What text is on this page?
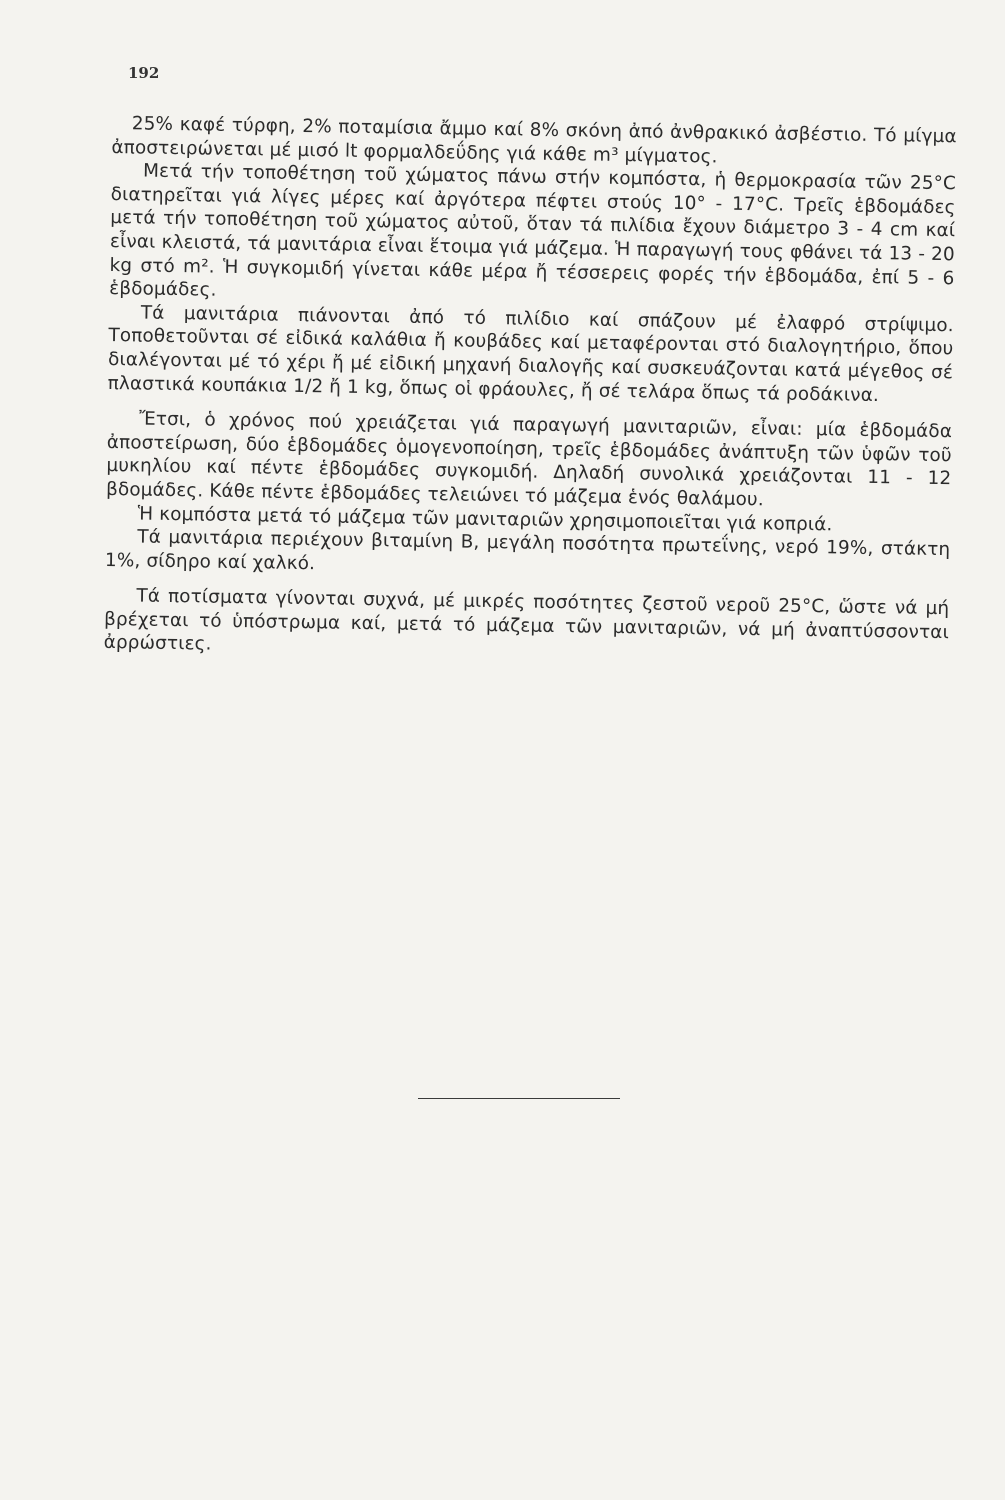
192

25% καφέ τύρφη, 2% ποταμίσια ἄμμο καί 8% σκόνη ἀπό ἀνθρακικό ἀσβέστιο. Τό μίγμα ἀποστειρώνεται μέ μισό lt φορμαλδεΰδης γιά κάθε m³ μίγματος.

Μετά τήν τοποθέτηση τοῦ χώματος πάνω στήν κομπόστα, ἡ θερμοκρασία τῶν 25°C διατηρεῖται γιά λίγες μέρες καί ἀργότερα πέφτει στούς 10° - 17°C. Τρεῖς ἑβδομάδες μετά τήν τοποθέτηση τοῦ χώματος αὐτοῦ, ὅταν τά πιλίδια ἔχουν διάμετρο 3 - 4 cm καί εἶναι κλειστά, τά μανιτάρια εἶναι ἕτοιμα γιά μάζεμα. Ἡ παραγωγή τους φθάνει τά 13 - 20 kg στό m². Ἡ συγκομιδή γίνεται κάθε μέρα ἤ τέσσερεις φορές τήν ἑβδομάδα, ἐπί 5 - 6 ἑβδομάδες.

Τά μανιτάρια πιάνονται ἀπό τό πιλίδιο καί σπάζουν μέ ἐλαφρό στρίψιμο. Τοποθετοῦνται σέ εἰδικά καλάθια ἤ κουβάδες καί μεταφέρονται στό διαλογητήριο, ὅπου διαλέγονται μέ τό χέρι ἤ μέ εἰδική μηχανή διαλογῆς καί συσκευάζονται κατά μέγεθος σέ πλαστικά κουπάκια 1/2 ἤ 1 kg, ὅπως οἱ φράουλες, ἤ σέ τελάρα ὅπως τά ροδάκινα.

Ἔτσι, ὁ χρόνος πού χρειάζεται γιά παραγωγή μανιταριῶν, εἶναι: μία ἑβδομάδα ἀποστείρωση, δύο ἑβδομάδες ὁμογενοποίηση, τρεῖς ἑβδομάδες ἀνάπτυξη τῶν ὑφῶν τοῦ μυκηλίου καί πέντε ἑβδομάδες συγκομιδή. Δηλαδή συνολικά χρειάζονται 11 - 12 βδομάδες. Κάθε πέντε ἑβδομάδες τελειώνει τό μάζεμα ἑνός θαλάμου.

Ἡ κομπόστα μετά τό μάζεμα τῶν μανιταριῶν χρησιμοποιεῖται γιά κοπριά.

Τά μανιτάρια περιέχουν βιταμίνη Β, μεγάλη ποσότητα πρωτεΐνης, νερό 19%, στάκτη 1%, σίδηρο καί χαλκό.

Τά ποτίσματα γίνονται συχνά, μέ μικρές ποσότητες ζεστοῦ νεροῦ 25°C, ὥστε νά μή βρέχεται τό ὑπόστρωμα καί, μετά τό μάζεμα τῶν μανιταριῶν, νά μή ἀναπτύσσονται ἀρρώστιες.
